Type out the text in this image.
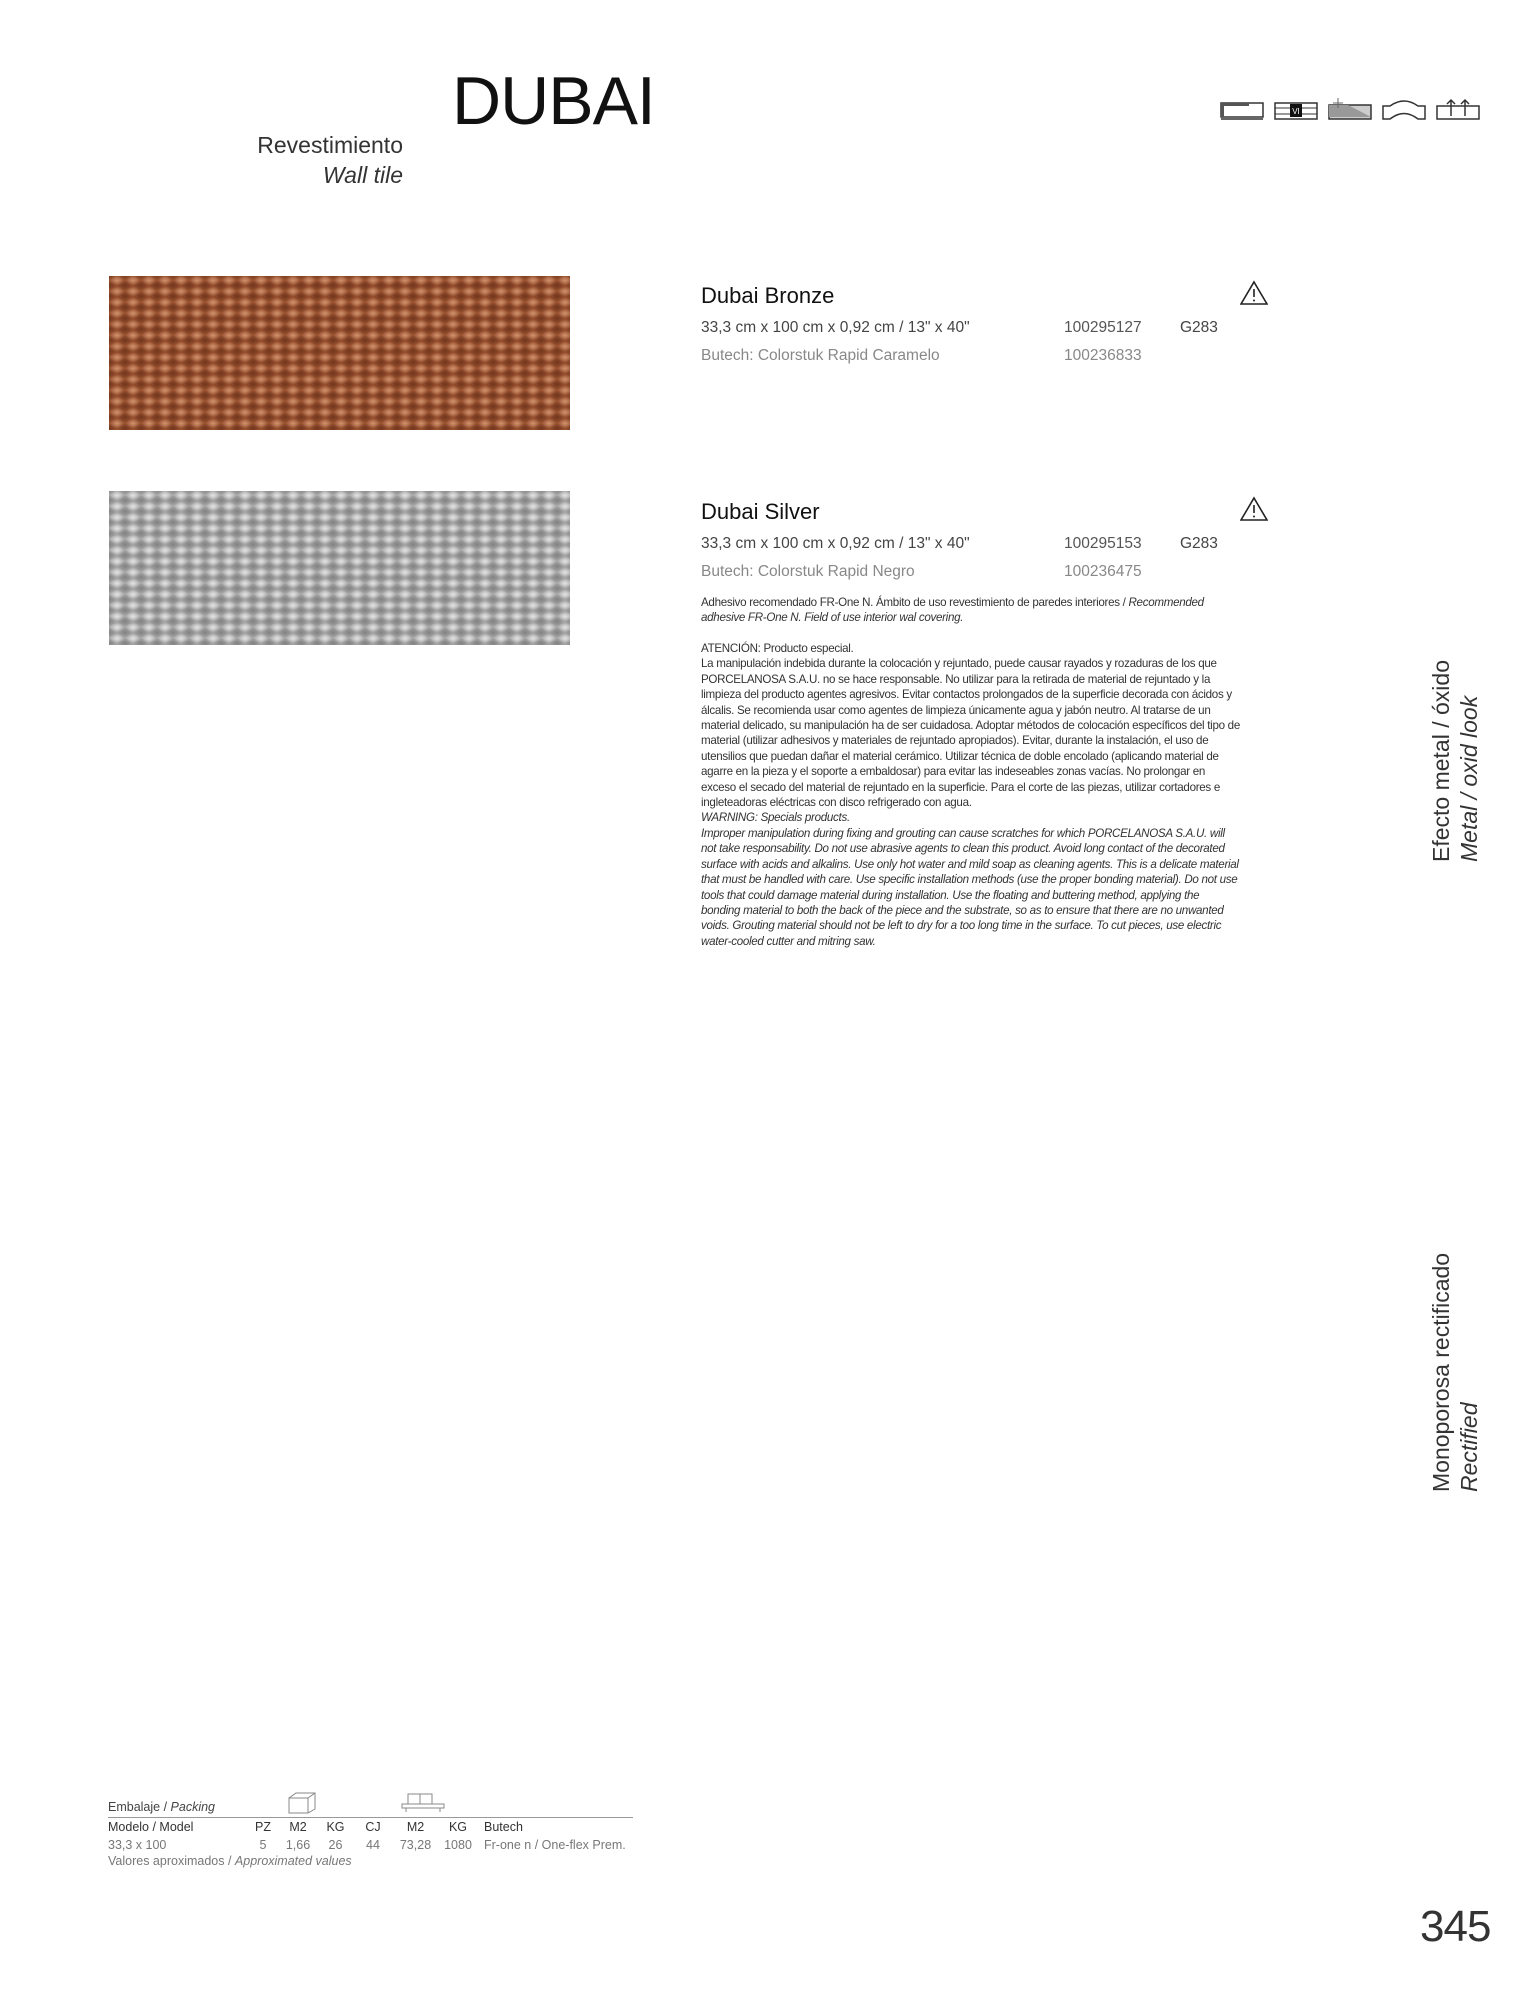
DUBAI
Revestimiento
Wall tile
VI
Dubai Bronze
33,3 cm x 100 cm x 0,92 cm / 13" x 40"	100295127 G283
Butech: Colorstuk Rapid Caramelo	100236833
Dubai Silver
33,3 cm x 100 cm x 0,92 cm / 13" x 40"	100295153 G283
Butech: Colorstuk Rapid Negro	100236475
Adhesivo recomendado FR-One N. Ámbito de uso revestimiento de paredes interiores / Recommended adhesive FR-One N. Field of use interior wal covering.
ATENCIÓN: Producto especial.
La manipulación indebida durante la colocación y rejuntado, puede causar rayados y rozaduras de los que PORCELANOSA S.A.U. no se hace responsable. No utilizar para la retirada de material de rejuntado y la limpieza del producto agentes agresivos. Evitar contactos prolongados de la superficie decorada con ácidos y álcalis. Se recomienda usar como agentes de limpieza únicamente agua y jabón neutro. Al tratarse de un material delicado, su manipulación ha de ser cuidadosa. Adoptar métodos de colocación específicos del tipo de material (utilizar adhesivos y materiales de rejuntado apropiados). Evitar, durante la instalación, el uso de utensilios que puedan dañar el material cerámico. Utilizar técnica de doble encolado (aplicando material de agarre en la pieza y el soporte a embaldosar) para evitar las indeseables zonas vacías. No prolongar en exceso el secado del material de rejuntado en la superficie. Para el corte de las piezas, utilizar cortadores e ingleteadoras eléctricas con disco refrigerado con agua.
WARNING: Specials products.
Improper manipulation during fixing and grouting can cause scratches for which PORCELANOSA S.A.U. will not take responsability. Do not use abrasive agents to clean this product. Avoid long contact of the decorated surface with acids and alkalins. Use only hot water and mild soap as cleaning agents. This is a delicate material that must be handled with care. Use specific installation methods (use the proper bonding material). Do not use tools that could damage material during installation. Use the floating and buttering method, applying the bonding material to both the back of the piece and the substrate, so as to ensure that there are no unwanted voids. Grouting material should not be left to dry for a too long time in the surface. To cut pieces, use electric water-cooled cutter and mitring saw.
Efecto metal / óxido Metal / oxid look
Monoporosa rectificado Rectified
Embalaje / Packing
Modelo / Model	PZ	M2	KG	CJ	M2	KG	Butech
33,3 x 100	5	1,66	26	44	73,28	1080	Fr-one n / One-flex Prem.
Valores aproximados / Approximated values
345
